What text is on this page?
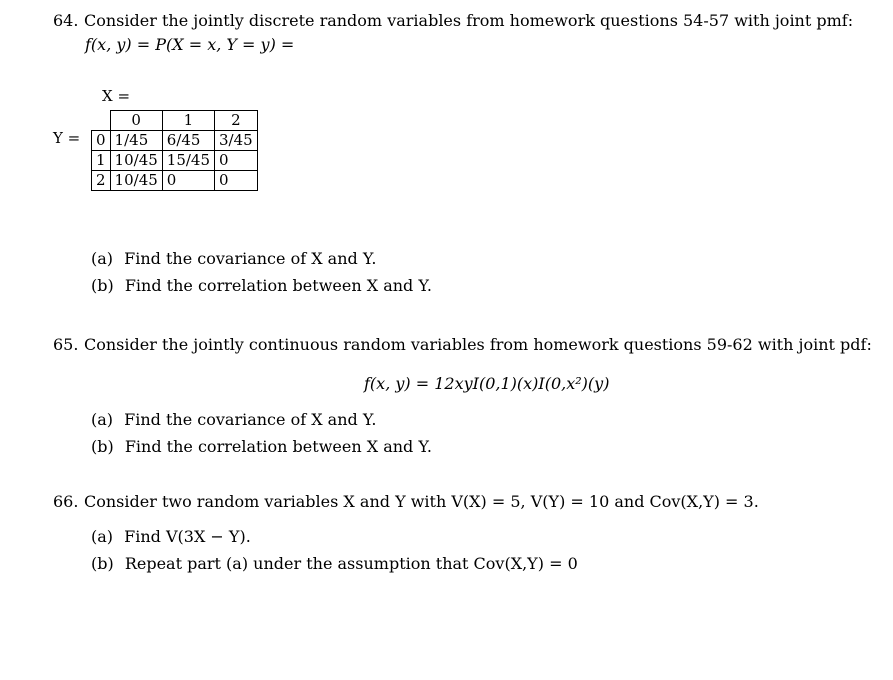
64. Consider the jointly discrete random variables from homework questions 54-57 with joint pmf:
f(x, y) = P(X = x, Y = y) =
X =
Y =
	0	1	2
0	1/45	6/45	3/45
1	10/45	15/45	0
2	10/45	0	0
(a) Find the covariance of X and Y.
(b) Find the correlation between X and Y.
65. Consider the jointly continuous random variables from homework questions 59-62 with joint pdf:
f(x, y) = 12xyI(0,1)(x)I(0,x²)(y)
(a) Find the covariance of X and Y.
(b) Find the correlation between X and Y.
66. Consider two random variables X and Y with V(X) = 5, V(Y) = 10 and Cov(X,Y) = 3.
(a) Find V(3X − Y).
(b) Repeat part (a) under the assumption that Cov(X,Y) = 0
